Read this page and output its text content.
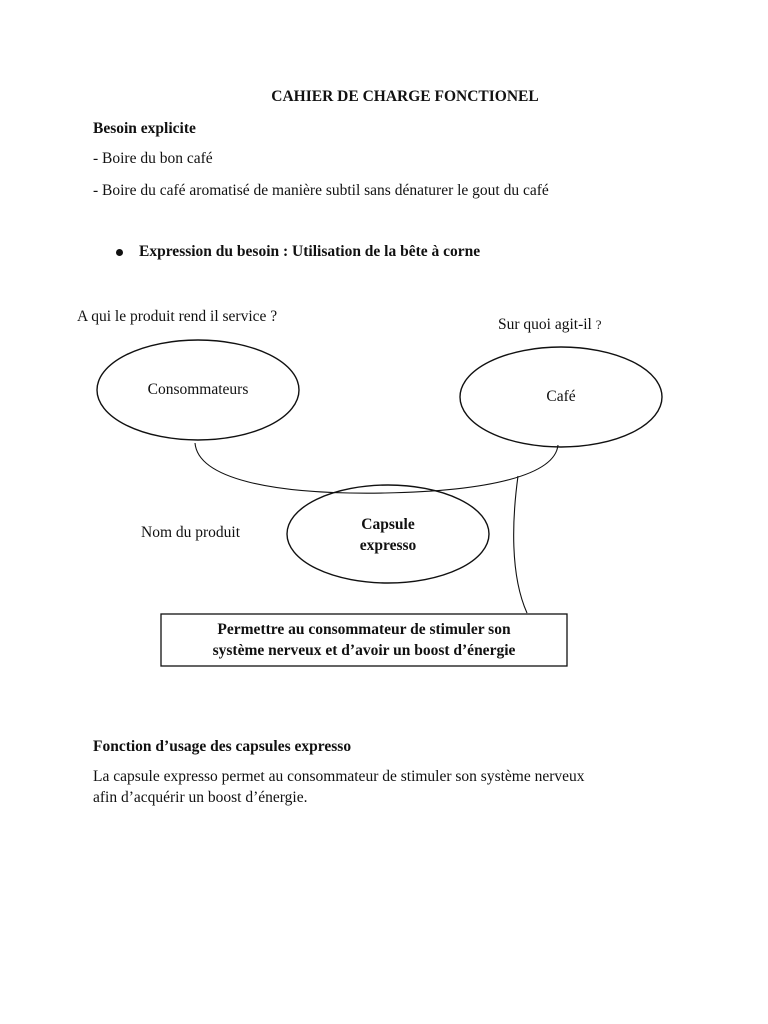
CAHIER DE CHARGE FONCTIONEL
Besoin explicite
- Boire du bon café
- Boire du café aromatisé de manière subtil sans dénaturer le gout du café
Expression du besoin : Utilisation de la bête à corne
A qui le produit rend il service ?	Sur quoi agit-il ?
Consommateurs	Café
Nom du produit	Capsule
expresso
Permettre au consommateur de stimuler son
système nerveux et d’avoir un boost d’énergie
Fonction d’usage des capsules expresso
La capsule expresso permet au consommateur de stimuler son système nerveux
afin d’acquérir un boost d’énergie.
